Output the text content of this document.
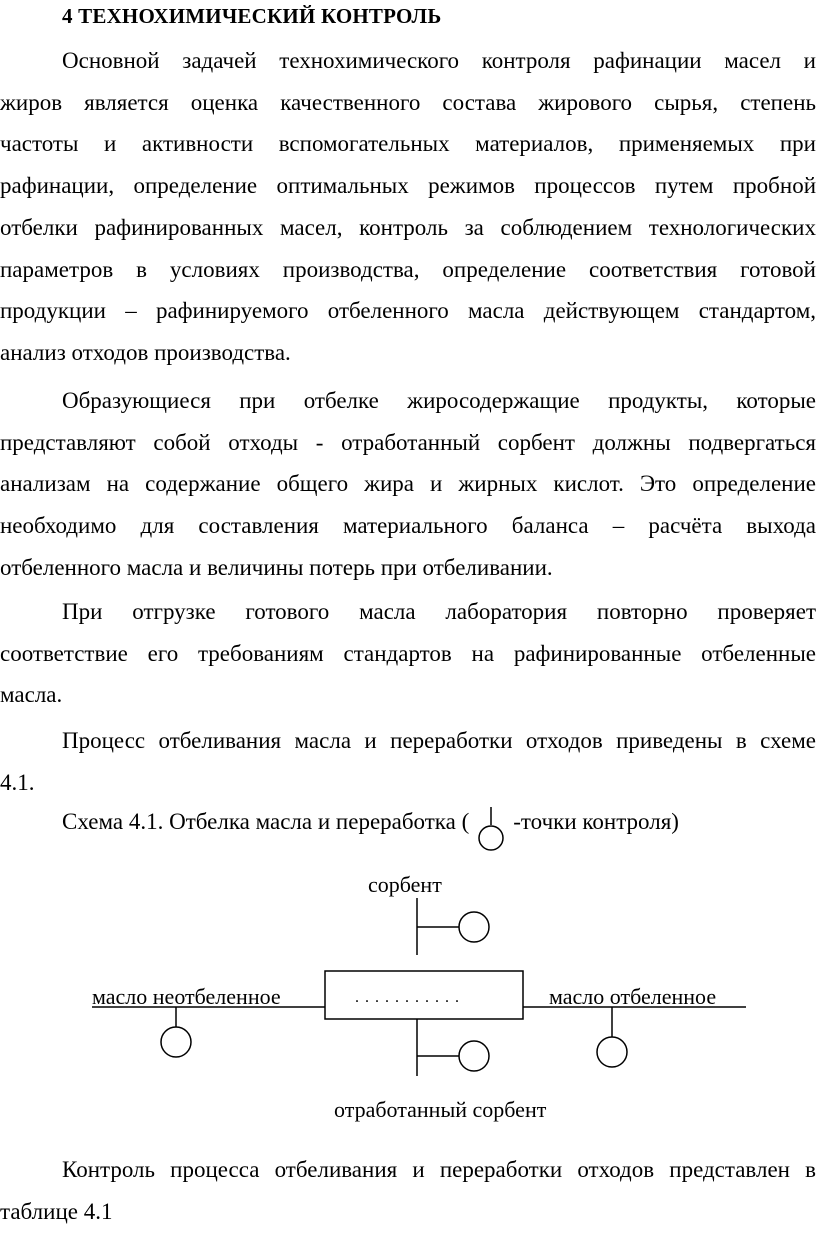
4 ТЕХНОХИМИЧЕСКИЙ КОНТРОЛЬ
Основной задачей технохимического контроля рафинации масел и
жиров является оценка качественного состава жирового сырья, степень
частоты и активности вспомогательных материалов, применяемых при
рафинации, определение оптимальных режимов процессов путем пробной
отбелки рафинированных масел, контроль за соблюдением технологических
параметров в условиях производства, определение соответствия готовой
продукции – рафинируемого отбеленного масла действующем стандартом,
анализ отходов производства.
Образующиеся при отбелке жиросодержащие продукты, которые
представляют собой отходы - отработанный сорбент должны подвергаться
анализам на содержание общего жира и жирных кислот. Это определение
необходимо для составления материального баланса – расчёта выхода
отбеленного масла и величины потерь при отбеливании.
При отгрузке готового масла лаборатория повторно проверяет
соответствие его требованиям стандартов на рафинированные отбеленные
масла.
Процесс отбеливания масла и переработки отходов приведены в схеме
4.1.
Схема 4.1. Отбелка масла и переработка ( -точки контроля)
сорбент
. . . . . . . . . . .
масло неотбеленное	масло отбеленное
отработанный сорбент
Контроль процесса отбеливания и переработки отходов представлен в
таблице 4.1
